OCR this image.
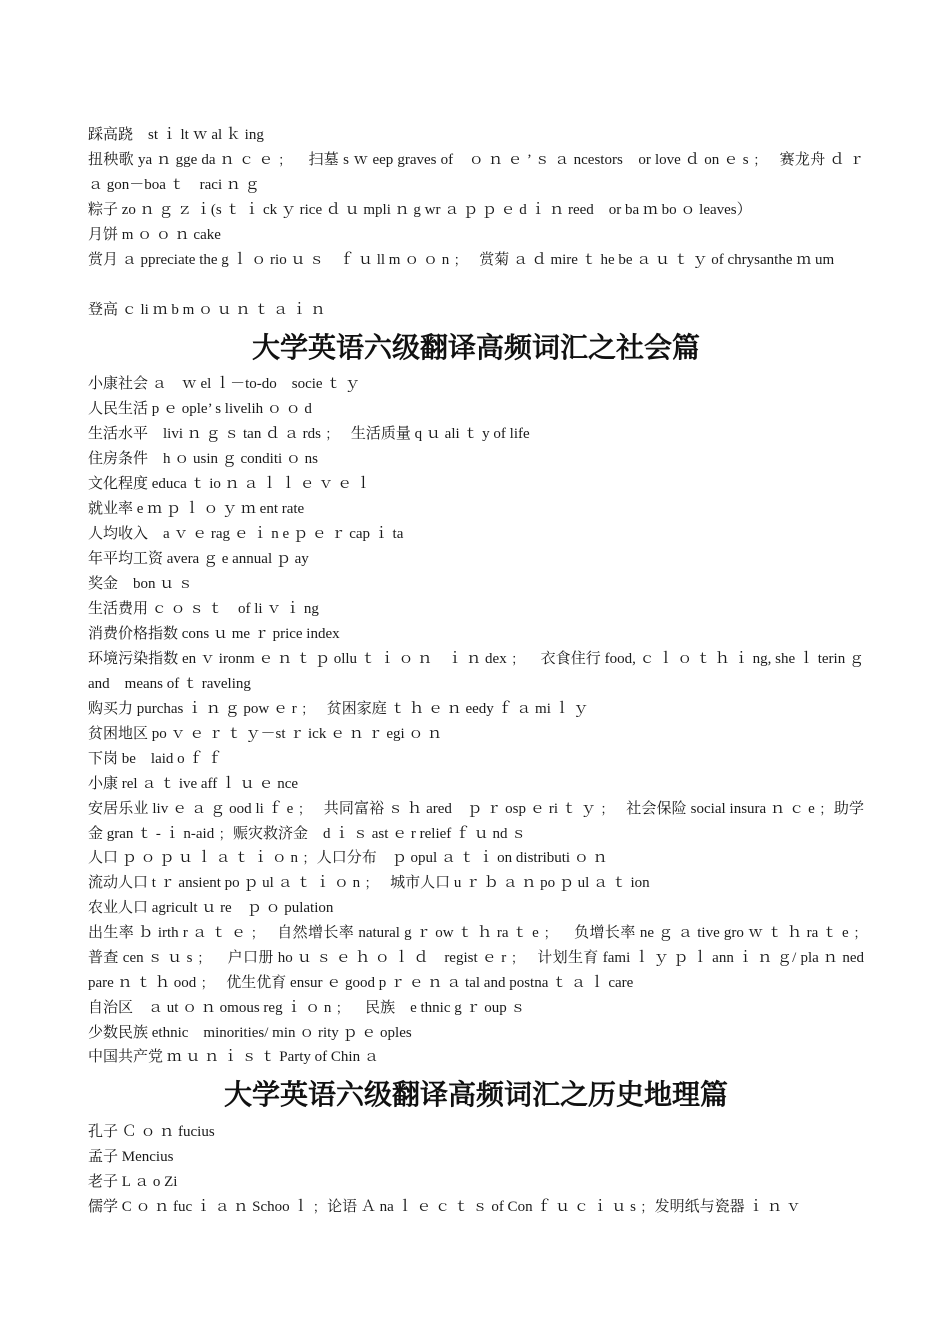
踩高跷　st ｉ lt ｗ al ｋ ing
扭秧歌 ya ｎ gge da ｎ ｃ ｅ﹔　 扫墓 s ｗ eep graves of　ｏ ｎ ｅ ’ ｓ ａ ncestors　or love ｄ on ｅ s﹔　赛龙舟 ｄ ｒ ａ gon－boa ｔ　raci ｎ ｇ
粽子 zo ｎ ｇ ｚ ｉ(s ｔ ｉ ck ｙ rice ｄ ｕ mpli ｎ g wr ａ ｐ ｐ ｅ d ｉ ｎ reed　or ba ｍ bo ｏ leaves）
月饼 m ｏ ｏ ｎ cake
赏月 ａ ppreciate the g ｌ ｏ rio ｕ ｓ　ｆ ｕ ll m ｏ ｏ n﹔　赏菊 ａ ｄ mire ｔ he be ａ ｕ ｔ ｙ of chrysanthe ｍ um
登高 ｃ li ｍ b m ｏ ｕ ｎ ｔ ａ ｉ ｎ
大学英语六级翻译高频词汇之社会篇
小康社会 ａ　ｗ el ｌ－to-do　socie ｔ ｙ
人民生活 p ｅ ople’ s livelih ｏ ｏ d
生活水平　livi ｎ ｇ ｓ tan ｄ ａ rds﹔　生活质量 q ｕ ali ｔ y of life
住房条件　h ｏ usin ｇ conditi ｏ ns
文化程度 educa ｔ io ｎ ａ ｌ ｌ ｅ ｖ ｅ ｌ
就业率 e ｍ ｐ ｌ ｏ ｙ ｍ ent rate
人均收入　a ｖ ｅ rag ｅ ｉ n e ｐ ｅ ｒ cap ｉ ta
年平均工资 avera ｇ e annual ｐ ay
奖金　bon ｕ ｓ
生活费用 ｃ ｏ ｓ ｔ　of li ｖ ｉ ng
消费价格指数 cons ｕ me ｒ price index
环境污染指数 en ｖ ironm ｅ ｎ ｔ ｐ ollu ｔ ｉ ｏ ｎ　ｉ ｎ dex﹔　 衣食住行 food, ｃ ｌ ｏ ｔ ｈ ｉ ng, she ｌ terin ｇ and　means of ｔ raveling
购买力 purchas ｉ ｎ ｇ pow ｅ r﹔　贫困家庭 ｔ ｈ ｅ ｎ eedy ｆ ａ mi ｌ ｙ
贫困地区 po ｖ ｅ ｒ ｔ ｙ－st ｒ ick ｅ ｎ ｒ egi ｏ ｎ
下岗 be　laid o ｆ ｆ
小康 rel ａ ｔ ive aff ｌ ｕ ｅ nce
安居乐业 liv ｅ ａ ｇ ood li ｆ e﹔　共同富裕 ｓ ｈ ared　ｐ ｒ osp ｅ ri ｔ ｙ﹔　社会保险 social insura ｎ ｃ e﹔ 助学金 gran ｔ - ｉ n-aid﹔ 赈灾救济金　d ｉ ｓ ast ｅ r relief ｆ ｕ nd ｓ
人口 ｐ ｏ ｐ ｕ ｌ ａ ｔ ｉ ｏ n﹔ 人口分布　ｐ opul ａ ｔ ｉ on distributi ｏ ｎ
流动人口 t ｒ ansient po ｐ ul ａ ｔ ｉ ｏ n﹔　城市人口 u ｒ ｂ ａ ｎ po ｐ ul ａ ｔ ion
农业人口 agricult ｕ re　ｐ ｏ pulation
出生率 ｂ irth r ａ ｔ ｅ﹔　自然增长率 natural g ｒ ow ｔ ｈ ra ｔ e﹔　 负增长率 ne ｇ ａ tive gro ｗ ｔ ｈ ra ｔ e﹔　普查 cen ｓ ｕ s﹔　 户口册 ho ｕ ｓ ｅ ｈ ｏ ｌ ｄ　regist ｅ r﹔　计划生育 fami ｌ ｙ ｐ ｌ ann ｉ ｎ ｇ/ pla ｎ ned pare ｎ ｔ ｈ ood﹔　优生优育 ensur ｅ good p ｒ ｅ ｎ ａ tal and postna ｔ ａ ｌ care
自治区　ａ ut ｏ ｎ omous reg ｉ ｏ n﹔　 民族　e thnic g ｒ oup ｓ
少数民族 ethnic　minorities/ min ｏ rity ｐ ｅ oples
中国共产党 ｍ ｕ ｎ ｉ ｓ ｔ Party of Chin ａ
大学英语六级翻译高频词汇之历史地理篇
孔子 Ｃ ｏ ｎ fucius
孟子 Mencius
老子 L ａ o Zi
儒学 C ｏ ｎ fuc ｉ ａ ｎ Schoo ｌ﹔ 论语 Ａ na ｌ ｅ ｃ ｔ ｓ of Con ｆ ｕ ｃ ｉ ｕ s﹔ 发明纸与瓷器 ｉ ｎ ｖ
